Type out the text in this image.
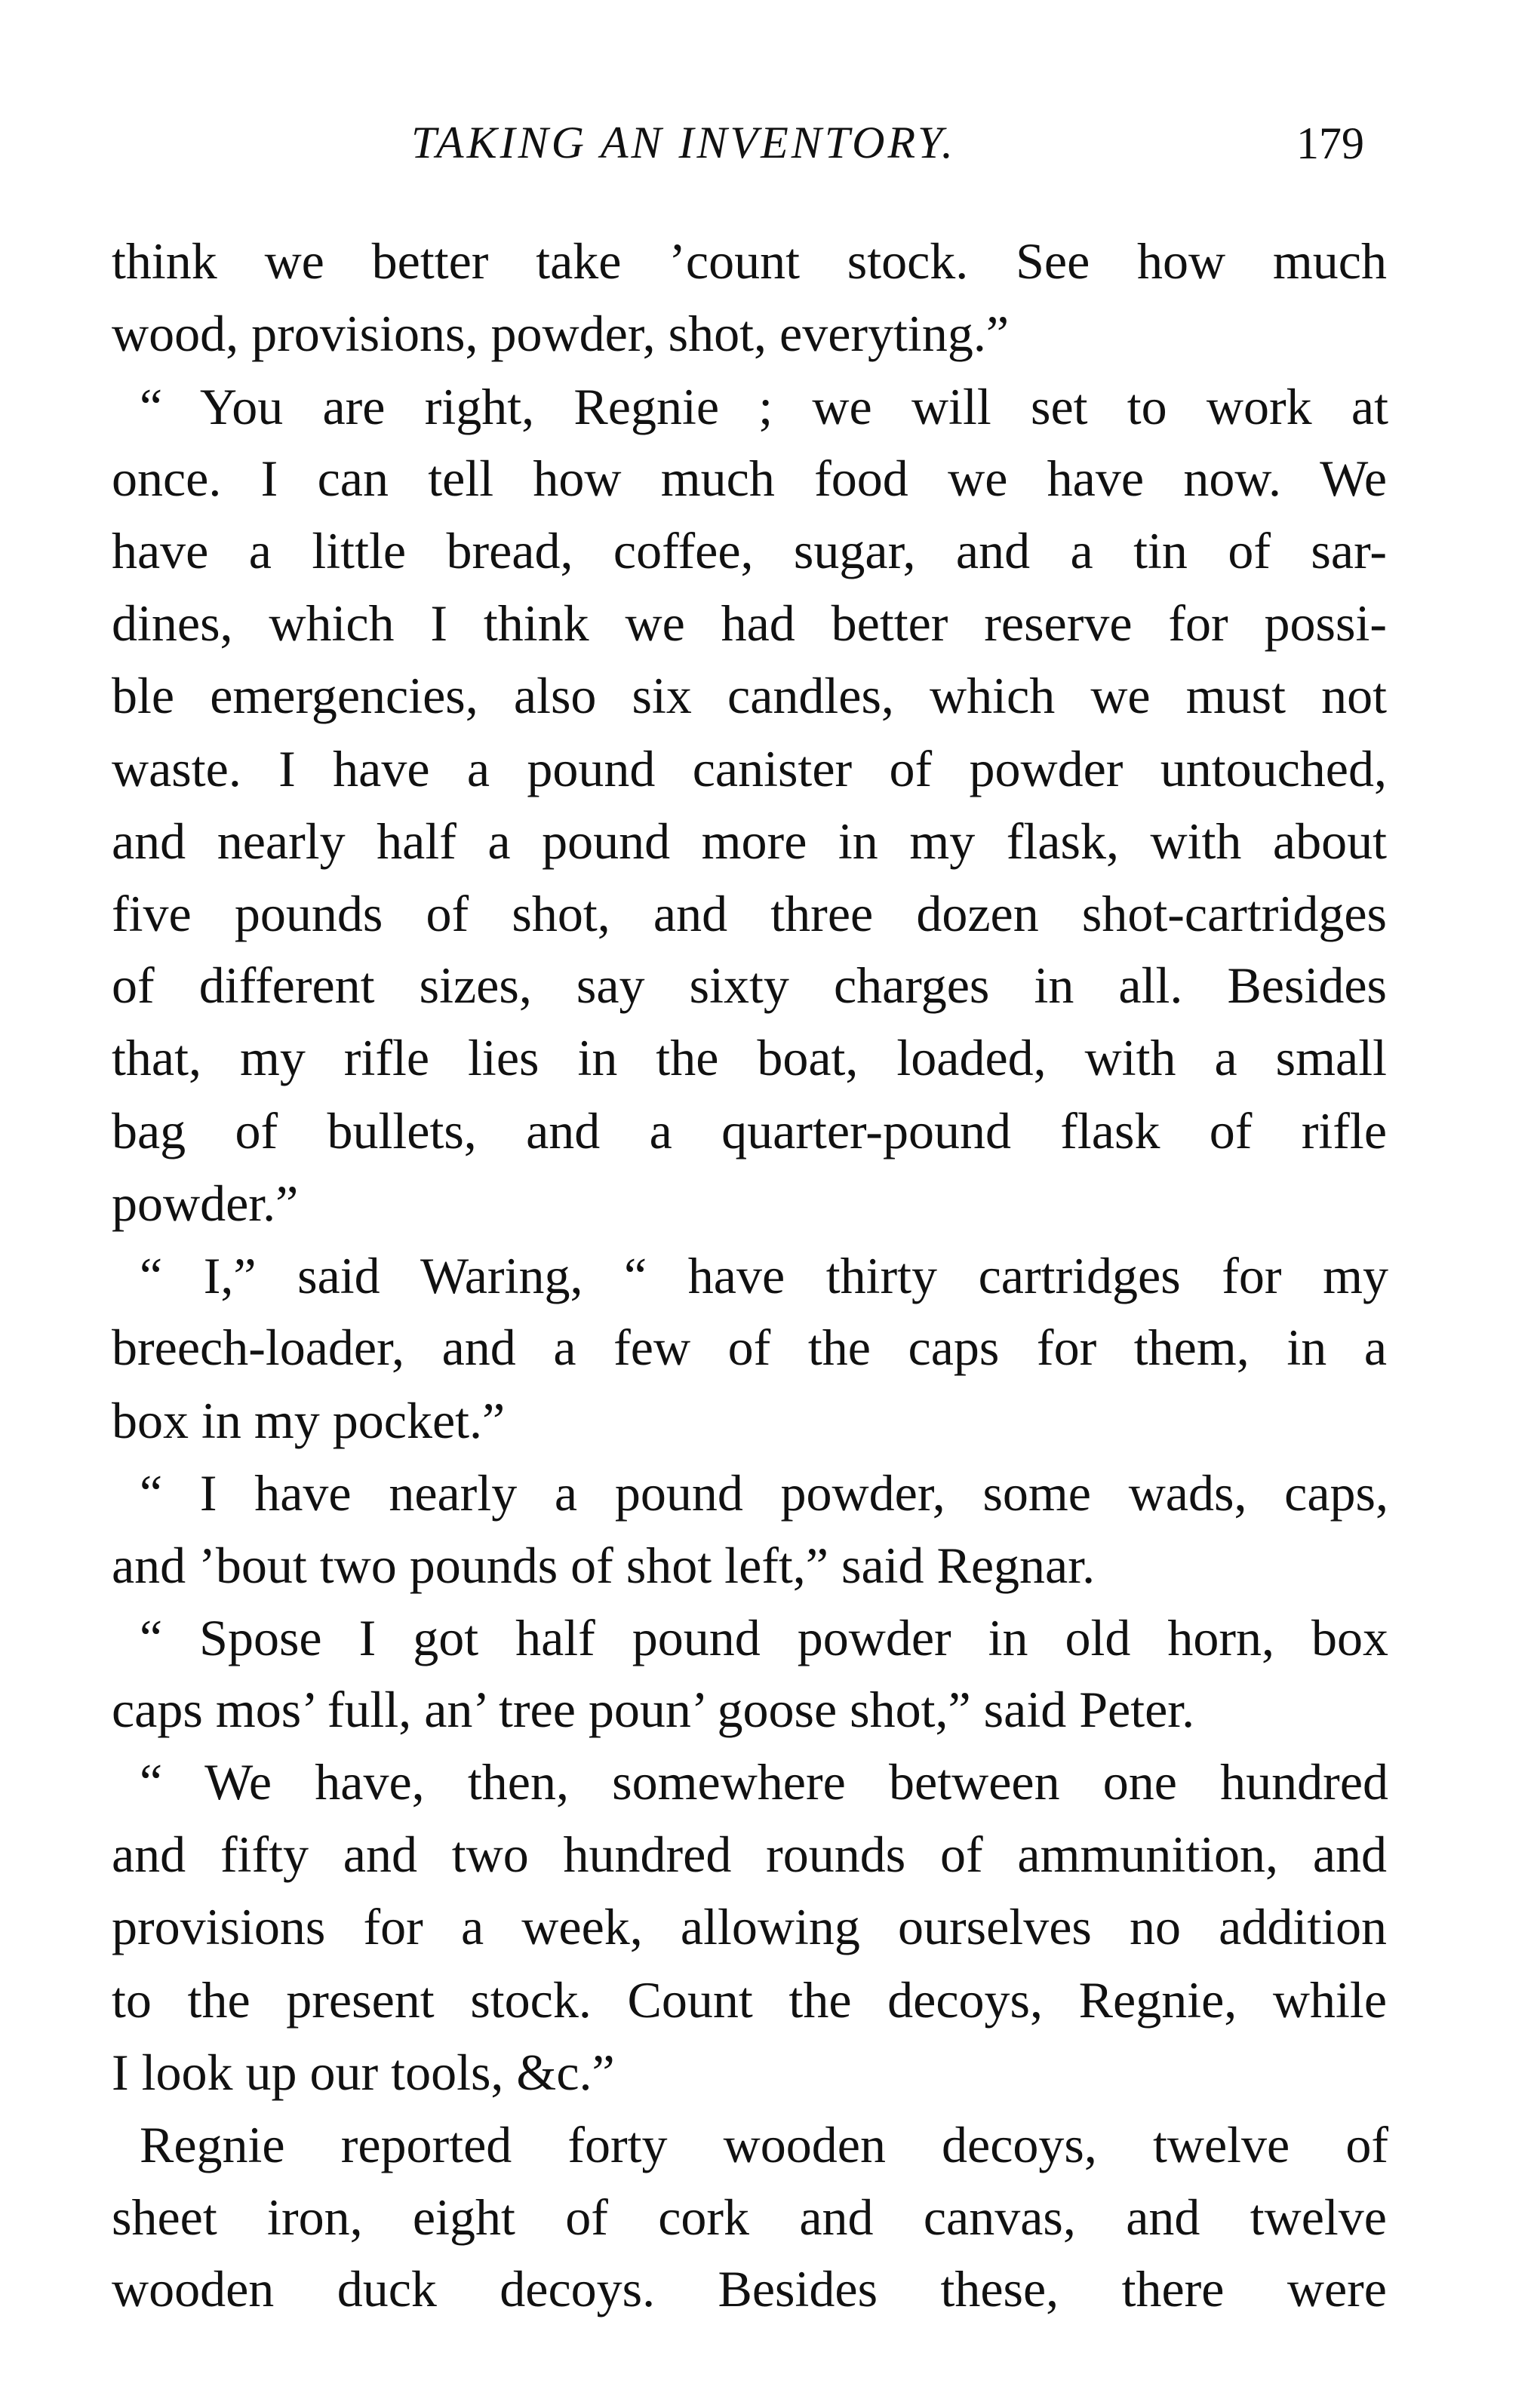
TAKING AN INVENTORY.	179
think we better take ’count stock. See how much
wood, provisions, powder, shot, everyting.”
“ You are right, Regnie ; we will set to work at
once. I can tell how much food we have now. We
have a little bread, coffee, sugar, and a tin of sar-
dines, which I think we had better reserve for possi-
ble emergencies, also six candles, which we must not
waste. I have a pound canister of powder untouched,
and nearly half a pound more in my flask, with about
five pounds of shot, and three dozen shot-cartridges
of different sizes, say sixty charges in all. Besides
that, my rifle lies in the boat, loaded, with a small
bag of bullets, and a quarter-pound flask of rifle
powder.”
“ I,” said Waring, “ have thirty cartridges for my
breech-loader, and a few of the caps for them, in a
box in my pocket.”
“ I have nearly a pound powder, some wads, caps,
and ’bout two pounds of shot left,” said Regnar.
“ Spose I got half pound powder in old horn, box
caps mos’ full, an’ tree poun’ goose shot,” said Peter.
“ We have, then, somewhere between one hundred
and fifty and two hundred rounds of ammunition, and
provisions for a week, allowing ourselves no addition
to the present stock. Count the decoys, Regnie, while
I look up our tools, &c.”
Regnie reported forty wooden decoys, twelve of
sheet iron, eight of cork and canvas, and twelve
wooden duck decoys. Besides these, there were
